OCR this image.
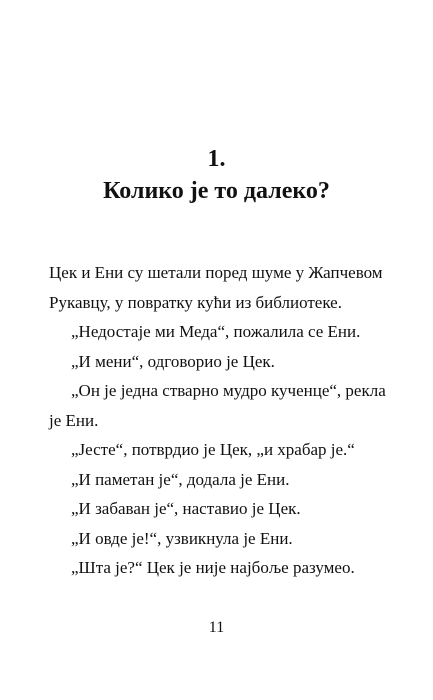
1.
Колико је то далеко?

Цек и Ени су шетали поред шуме у Жапчевом Рукавцу, у повратку кући из библиотеке.

„Недостаје ми Меда“, пожалила се Ени.

„И мени“, одговорио је Цек.

„Он је једна стварно мудро кученце“, рекла је Ени.

„Јесте“, потврдио је Цек, „и храбар је.“

„И паметан је“, додала је Ени.

„И забаван је“, наставио је Цек.

„И овде је!“, узвикнула је Ени.

„Шта је?“ Цек је није најбоље разумео.

11
